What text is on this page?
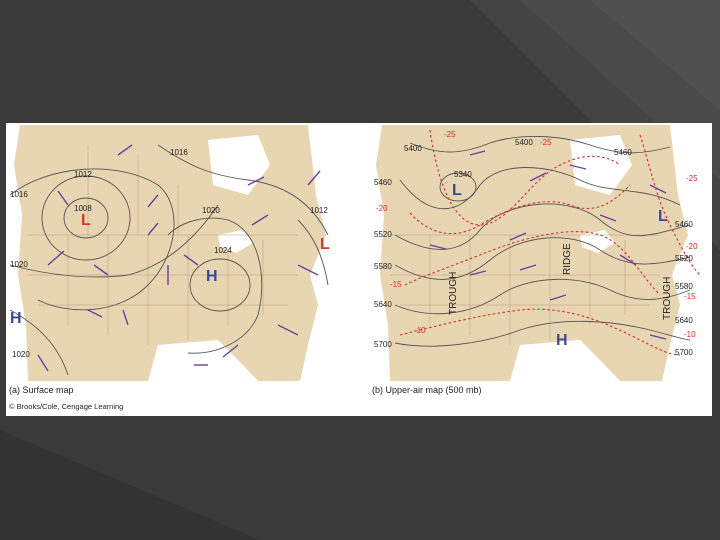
1012
1008
1016
1016
1020	1012
1024
1020
1020
L
L
H
H
5400
5400
5460
5340
5460
5520
5580
5640
5700
5460
5520
5580
5640
5700
-25
-25
-20
-15
-10
-25
-20
-15
-10
L
L
H
TROUGH
RIDGE
TROUGH
(a) Surface map	(b) Upper-air map (500 mb)
© Brooks/Cole, Cengage Learning
